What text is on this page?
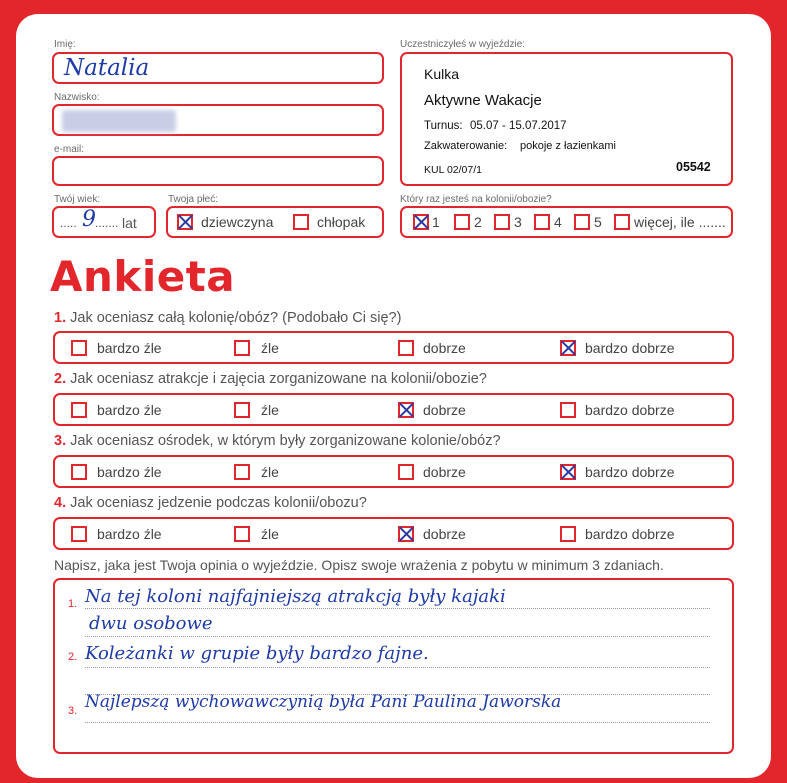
Imię:
Natalia
Nazwisko:
e-mail:
Twój wiek:
..... 9 ....... lat
Twoja płeć:
dziewczyna	chłopak
Uczestniczyłeś w wyjeździe:
Kulka
Aktywne Wakacje
Turnus: 05.07 - 15.07.2017
Zakwaterowanie: pokoje z łazienkami
KUL 02/07/1	05542
Który raz jesteś na kolonii/obozie?
1 2 3 4 5 więcej, ile .......
Ankieta
1. Jak oceniasz całą kolonię/obóz? (Podobało Ci się?)
bardzo źle	źle	dobrze	bardzo dobrze
2. Jak oceniasz atrakcje i zajęcia zorganizowane na kolonii/obozie?
bardzo źle	źle	dobrze	bardzo dobrze
3. Jak oceniasz ośrodek, w którym były zorganizowane kolonie/obóz?
bardzo źle	źle	dobrze	bardzo dobrze
4. Jak oceniasz jedzenie podczas kolonii/obozu?
bardzo źle	źle	dobrze	bardzo dobrze
Napisz, jaka jest Twoja opinia o wyjeździe. Opisz swoje wrażenia z pobytu w minimum 3 zdaniach.
1. Na tej koloni najfajniejszą atrakcją były kajaki
dwu osobowe
2. Koleżanki w grupie były bardzo fajne.
3. Najlepszą wychowawczynią była Pani Paulina Jaworska
